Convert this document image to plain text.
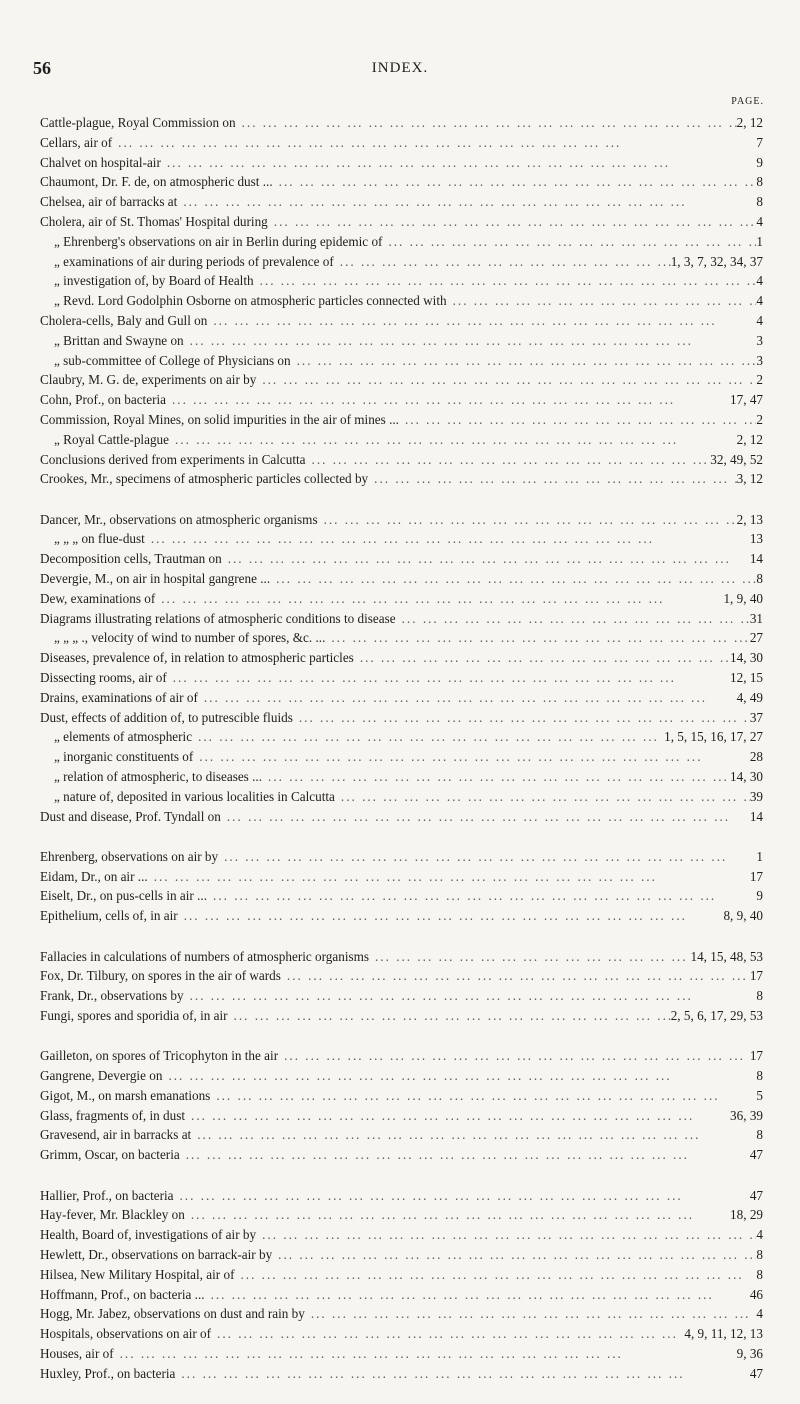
56	INDEX.
PAGE.
Cattle-plague, Royal Commission on ... .	2, 12
Cellars, air of ... .	7
Chalvet on hospital-air ... .	9
Chaumont, Dr. F. de, on atmospheric dust ... ... .	8
Chelsea, air of barracks at ... .	8
Cholera, air of St. Thomas' Hospital during ... .	4
„ Ehrenberg's observations on air in Berlin during epidemic of ... .	1
„ examinations of air during periods of prevalence of ... .	1, 3, 7, 32, 34, 37
„ investigation of, by Board of Health ... .	4
„ Revd. Lord Godolphin Osborne on atmospheric particles connected with ... .	4
Cholera-cells, Baly and Gull on ... .	4
„ Brittan and Swayne on ... .	3
„ sub-committee of College of Physicians on ... .	3
Claubry, M. G. de, experiments on air by ... .	2
Cohn, Prof., on bacteria ... .	17, 47
Commission, Royal Mines, on solid impurities in the air of mines ... ... .	2
„ Royal Cattle-plague ... .	2, 12
Conclusions derived from experiments in Calcutta ... .	32, 49, 52
Crookes, Mr., specimens of atmospheric particles collected by ... .	3, 12
Dancer, Mr., observations on atmospheric organisms ... .	2, 13
„ „ „ on flue-dust ... .	13
Decomposition cells, Trautman on ... .	14
Devergie, M., on air in hospital gangrene ... ... .	8
Dew, examinations of ... .	1, 9, 40
Diagrams illustrating relations of atmospheric conditions to disease ... .	31
„ „ „ ., velocity of wind to number of spores, &c. ... ... .	27
Diseases, prevalence of, in relation to atmospheric particles ... .	14, 30
Dissecting rooms, air of ... .	12, 15
Drains, examinations of air of ... .	4, 49
Dust, effects of addition of, to putrescible fluids ... .	37
„ elements of atmospheric ... .	1, 5, 15, 16, 17, 27
„ inorganic constituents of ... .	28
„ relation of atmospheric, to diseases ... ... .	14, 30
„ nature of, deposited in various localities in Calcutta ... .	39
Dust and disease, Prof. Tyndall on ... .	14
Ehrenberg, observations on air by ... .	1
Eidam, Dr., on air ... ... .	17
Eiselt, Dr., on pus-cells in air ... ... .	9
Epithelium, cells of, in air ... .	8, 9, 40
Fallacies in calculations of numbers of atmospheric organisms ... .	14, 15, 48, 53
Fox, Dr. Tilbury, on spores in the air of wards ... .	17
Frank, Dr., observations by ... .	8
Fungi, spores and sporidia of, in air ... .	2, 5, 6, 17, 29, 53
Gailleton, on spores of Tricophyton in the air ... .	17
Gangrene, Devergie on ... .	8
Gigot, M., on marsh emanations ... .	5
Glass, fragments of, in dust ... .	36, 39
Gravesend, air in barracks at ... .	8
Grimm, Oscar, on bacteria ... .	47
Hallier, Prof., on bacteria ... .	47
Hay-fever, Mr. Blackley on ... .	18, 29
Health, Board of, investigations of air by ... .	4
Hewlett, Dr., observations on barrack-air by ... .	8
Hilsea, New Military Hospital, air of ... .	8
Hoffmann, Prof., on bacteria ... ... .	46
Hogg, Mr. Jabez, observations on dust and rain by ... .	4
Hospitals, observations on air of ... .	4, 9, 11, 12, 13
Houses, air of ... .	9, 36
Huxley, Prof., on bacteria ... .	47
